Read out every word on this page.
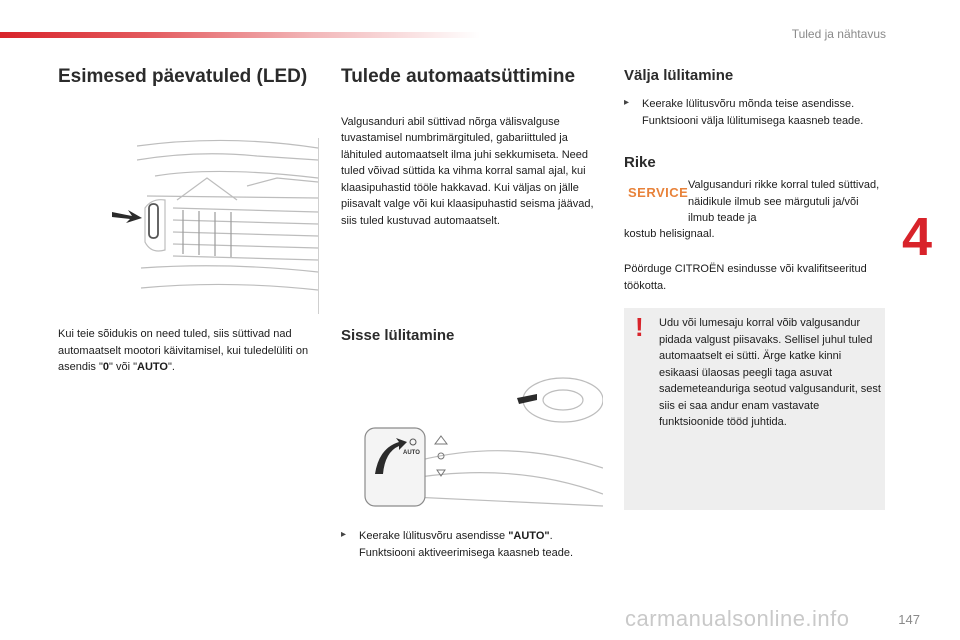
Tuled ja nähtavus
4
147
carmanualsonline.info
Esimesed päevatuled (LED)

Kui teie sõidukis on need tuled, siis süttivad nad automaatselt mootori käivitamisel, kui tuledelüliti on asendis "0" või "AUTO".

Tulede automaatsüttimine

Valgusanduri abil süttivad nõrga välisvalguse tuvastamisel numbrimärgituled, gabariittuled ja lähituled automaatselt ilma juhi sekkumiseta. Need tuled võivad süttida ka vihma korral samal ajal, kui klaasipuhastid tööle hakkavad. Kui väljas on jälle piisavalt valge või kui klaasipuhastid seisma jäävad, siis tuled kustuvad automaatselt.

Sisse lülitamine
AUTO
▸	Keerake lülitusvõru asendisse "AUTO". Funktsiooni aktiveerimisega kaasneb teade.

Välja lülitamine
▸	Keerake lülitusvõru mõnda teise asendisse. Funktsiooni välja lülitumisega kaasneb teade.

Rike
SERVICE Valgusanduri rikke korral tuled süttivad, näidikule ilmub see märgutuli ja/või ilmub teade ja

kostub helisignaal.

Pöörduge CITROËN esindusse või kvalifitseeritud töökotta.

! Udu või lumesaju korral võib valgusandur pidada valgust piisavaks. Sellisel juhul tuled automaatselt ei sütti. Ärge katke kinni esikaasi ülaosas peegli taga asuvat sademeteanduriga seotud valgusandurit, sest siis ei saa andur enam vastavate funktsioonide tööd juhtida.
